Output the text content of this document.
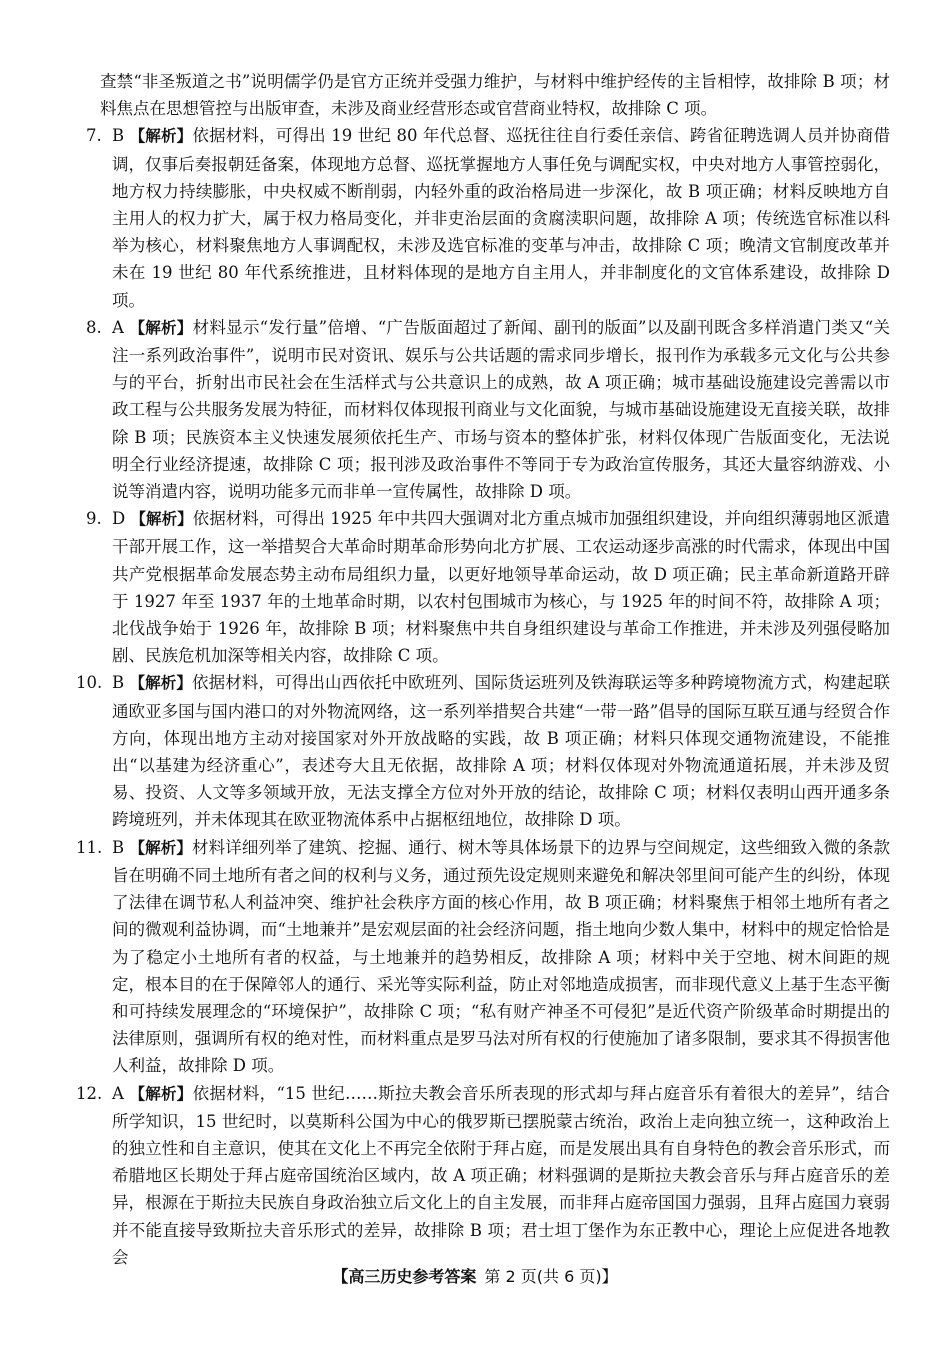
查禁“非圣叛道之书”说明儒学仍是官方正统并受强力维护，与材料中维护经传的主旨相悖，故排除 B 项；材料焦点在思想管控与出版审查，未涉及商业经营形态或官营商业特权，故排除 C 项。

7. B 【解析】依据材料，可得出 19 世纪 80 年代总督、巡抚往往自行委任亲信、跨省征聘选调人员并协商借调，仅事后奏报朝廷备案，体现地方总督、巡抚掌握地方人事任免与调配实权，中央对地方人事管控弱化，地方权力持续膨胀，中央权威不断削弱，内轻外重的政治格局进一步深化，故 B 项正确；材料反映地方自主用人的权力扩大，属于权力格局变化，并非吏治层面的贪腐渎职问题，故排除 A 项；传统选官标准以科举为核心，材料聚焦地方人事调配权，未涉及选官标准的变革与冲击，故排除 C 项；晚清文官制度改革并未在 19 世纪 80 年代系统推进，且材料体现的是地方自主用人，并非制度化的文官体系建设，故排除 D 项。

8. A 【解析】材料显示“发行量”倍增、“广告版面超过了新闻、副刊的版面”以及副刊既含多样消遣门类又“关注一系列政治事件”，说明市民对资讯、娱乐与公共话题的需求同步增长，报刊作为承载多元文化与公共参与的平台，折射出市民社会在生活样式与公共意识上的成熟，故 A 项正确；城市基础设施建设完善需以市政工程与公共服务发展为特征，而材料仅体现报刊商业与文化面貌，与城市基础设施建设无直接关联，故排除 B 项；民族资本主义快速发展须依托生产、市场与资本的整体扩张，材料仅体现广告版面变化，无法说明全行业经济提速，故排除 C 项；报刊涉及政治事件不等同于专为政治宣传服务，其还大量容纳游戏、小说等消遣内容，说明功能多元而非单一宣传属性，故排除 D 项。

9. D 【解析】依据材料，可得出 1925 年中共四大强调对北方重点城市加强组织建设，并向组织薄弱地区派遣干部开展工作，这一举措契合大革命时期革命形势向北方扩展、工农运动逐步高涨的时代需求，体现出中国共产党根据革命发展态势主动布局组织力量，以更好地领导革命运动，故 D 项正确；民主革命新道路开辟于 1927 年至 1937 年的土地革命时期，以农村包围城市为核心，与 1925 年的时间不符，故排除 A 项；北伐战争始于 1926 年，故排除 B 项；材料聚焦中共自身组织建设与革命工作推进，并未涉及列强侵略加剧、民族危机加深等相关内容，故排除 C 项。

10. B 【解析】依据材料，可得出山西依托中欧班列、国际货运班列及铁海联运等多种跨境物流方式，构建起联通欧亚多国与国内港口的对外物流网络，这一系列举措契合共建“一带一路”倡导的国际互联互通与经贸合作方向，体现出地方主动对接国家对外开放战略的实践，故 B 项正确；材料只体现交通物流建设，不能推出“以基建为经济重心”，表述夸大且无依据，故排除 A 项；材料仅体现对外物流通道拓展，并未涉及贸易、投资、人文等多领域开放，无法支撑全方位对外开放的结论，故排除 C 项；材料仅表明山西开通多条跨境班列，并未体现其在欧亚物流体系中占据枢纽地位，故排除 D 项。

11. B 【解析】材料详细列举了建筑、挖掘、通行、树木等具体场景下的边界与空间规定，这些细致入微的条款旨在明确不同土地所有者之间的权利与义务，通过预先设定规则来避免和解决邻里间可能产生的纠纷，体现了法律在调节私人利益冲突、维护社会秩序方面的核心作用，故 B 项正确；材料聚焦于相邻土地所有者之间的微观利益协调，而“土地兼并”是宏观层面的社会经济问题，指土地向少数人集中，材料中的规定恰恰是为了稳定小土地所有者的权益，与土地兼并的趋势相反，故排除 A 项；材料中关于空地、树木间距的规定，根本目的在于保障邻人的通行、采光等实际利益，防止对邻地造成损害，而非现代意义上基于生态平衡和可持续发展理念的“环境保护”，故排除 C 项；“私有财产神圣不可侵犯”是近代资产阶级革命时期提出的法律原则，强调所有权的绝对性，而材料重点是罗马法对所有权的行使施加了诸多限制，要求其不得损害他人利益，故排除 D 项。

12. A 【解析】依据材料，“15 世纪……斯拉夫教会音乐所表现的形式却与拜占庭音乐有着很大的差异”，结合所学知识，15 世纪时，以莫斯科公国为中心的俄罗斯已摆脱蒙古统治，政治上走向独立统一，这种政治上的独立性和自主意识，使其在文化上不再完全依附于拜占庭，而是发展出具有自身特色的教会音乐形式，而希腊地区长期处于拜占庭帝国统治区域内，故 A 项正确；材料强调的是斯拉夫教会音乐与拜占庭音乐的差异，根源在于斯拉夫民族自身政治独立后文化上的自主发展，而非拜占庭帝国国力强弱，且拜占庭国力衰弱并不能直接导致斯拉夫音乐形式的差异，故排除 B 项；君士坦丁堡作为东正教中心，理论上应促进各地教会

【高三历史参考答案 第 2 页(共 6 页)】
